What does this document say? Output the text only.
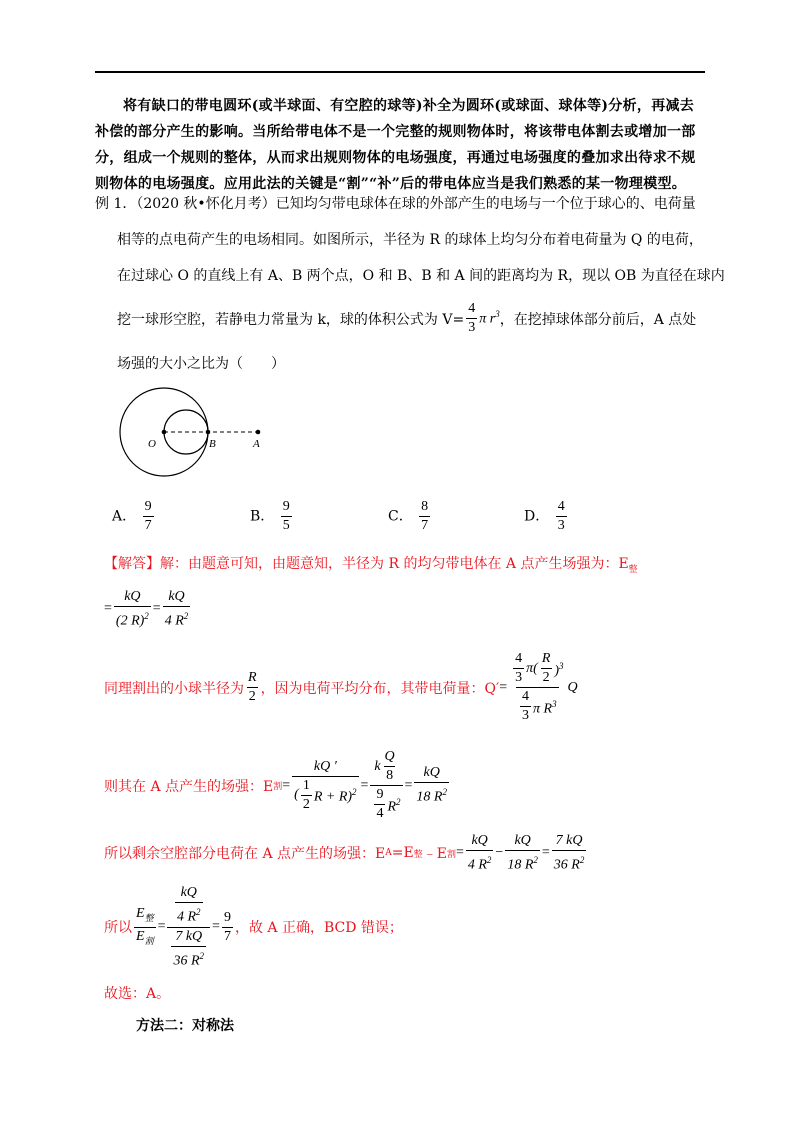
将有缺口的带电圆环(或半球面、有空腔的球等)补全为圆环(或球面、球体等)分析，再减去补偿的部分产生的影响。当所给带电体不是一个完整的规则物体时，将该带电体割去或增加一部分，组成一个规则的整体，从而求出规则物体的电场强度，再通过电场强度的叠加求出待求不规则物体的电场强度。应用此法的关键是“割”“补”后的带电体应当是我们熟悉的某一物理模型。
例 1．（2020 秋•怀化月考）已知均匀带电球体在球的外部产生的电场与一个位于球心的、电荷量
相等的点电荷产生的电场相同。如图所示，半径为 R 的球体上均匀分布着电荷量为 Q 的电荷，
在过球心 O 的直线上有 A、B 两个点，O 和 B、B 和 A 间的距离均为 R，现以 OB 为直径在球内
挖一球形空腔，若静电力常量为 k，球的体积公式为 $V= \frac{4}{3}$ π $r^3$ ，在挖掉球体部分前后，A 点处
场强的大小之比为（　　）
O	B	A
A． $\frac{9}{7}$	B． $\frac{9}{5}$	C． $\frac{8}{7}$	D． $\frac{4}{3}$
【解答】解：由题意可知，由题意知，半径为 R 的均匀带电体在 A 点产生场强为：$E_整$
= $\frac{kQ}{(2 R)^2} = \frac{kQ}{4 R^2}$
同理割出的小球半径为 $\frac{R}{2}$ ，因为电荷平均分布，其带电荷量：$Q' = \frac{\frac{4}{3} \pi( \frac{R}{2} )^3}{\frac{4}{3} \pi R^3}$ Q
则其在 A 点产生的场强：E 割 = $\frac{kQ '}{( \frac{1}{2} R + R)^2} = \frac{k \frac{Q}{8}}{\frac{9}{4} R^2} = \frac{kQ}{18 R^2}$
所以剩余空腔部分电荷在 A 点产生的场强：E A =E 整 ﹣E 割 = $\frac{kQ}{4 R^2} - \frac{kQ}{18 R^2} = \frac{7 kQ}{36 R^2}$
所以 $\frac{E_整}{E_割} = \frac{\frac{kQ}{4 R^2}}{\frac{7 kQ}{36 R^2}} = \frac{9}{7}$ ，故 A 正确，BCD 错误；
故选：A。
方法二：对称法
